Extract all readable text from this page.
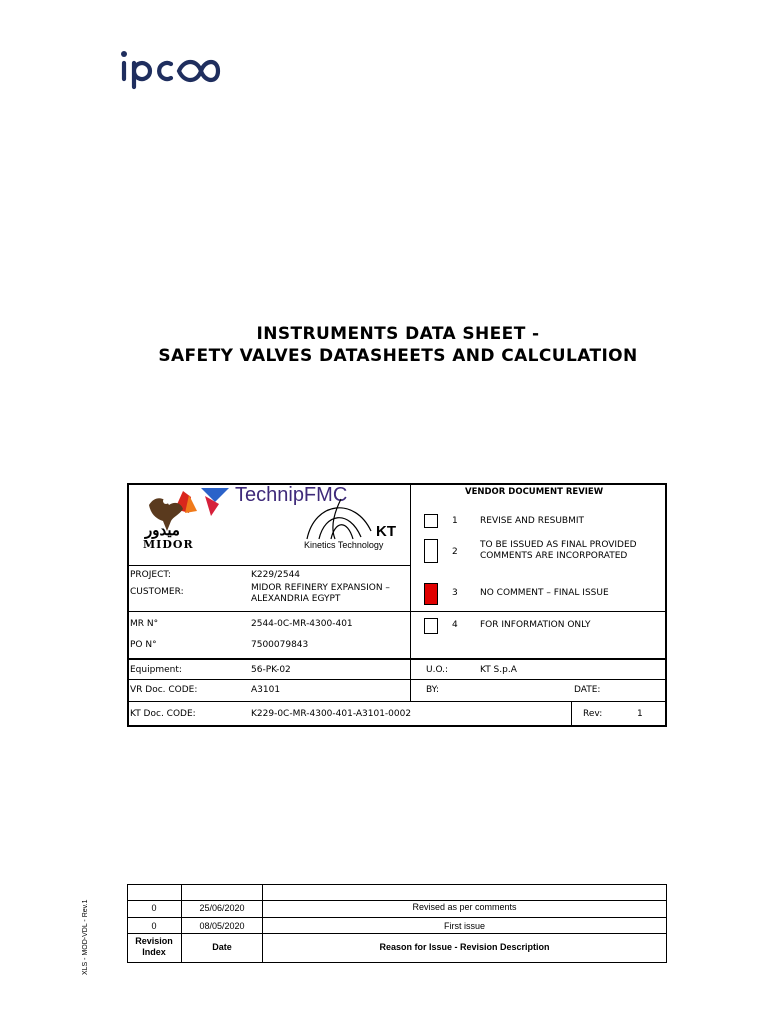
INSTRUMENTS DATA SHEET -
SAFETY VALVES DATASHEETS AND CALCULATION
ميدور
MIDOR
TechnipFMC
KT
Kinetics Technology
VENDOR DOCUMENT REVIEW
1 REVISE AND RESUBMIT
2
TO BE ISSUED AS FINAL PROVIDED
COMMENTS ARE INCORPORATED
3 NO COMMENT – FINAL ISSUE
4 FOR INFORMATION ONLY
PROJECT:	K229/2544
CUSTOMER:	MIDOR REFINERY EXPANSION –
ALEXANDRIA EGYPT
MR N°	2544-0C-MR-4300-401
PO N°	7500079843
Equipment:	56-PK-02	U.O.:	KT S.p.A
VR Doc. CODE:	A3101	BY:	DATE:
KT Doc. CODE:	K229-0C-MR-4300-401-A3101-0002	Rev:	1
0	25/06/2020	Revised as per comments
0	08/05/2020	First issue
Revision
Index	Date	Reason for Issue - Revision Description
XLS - MOD-VDL - Rev.1
